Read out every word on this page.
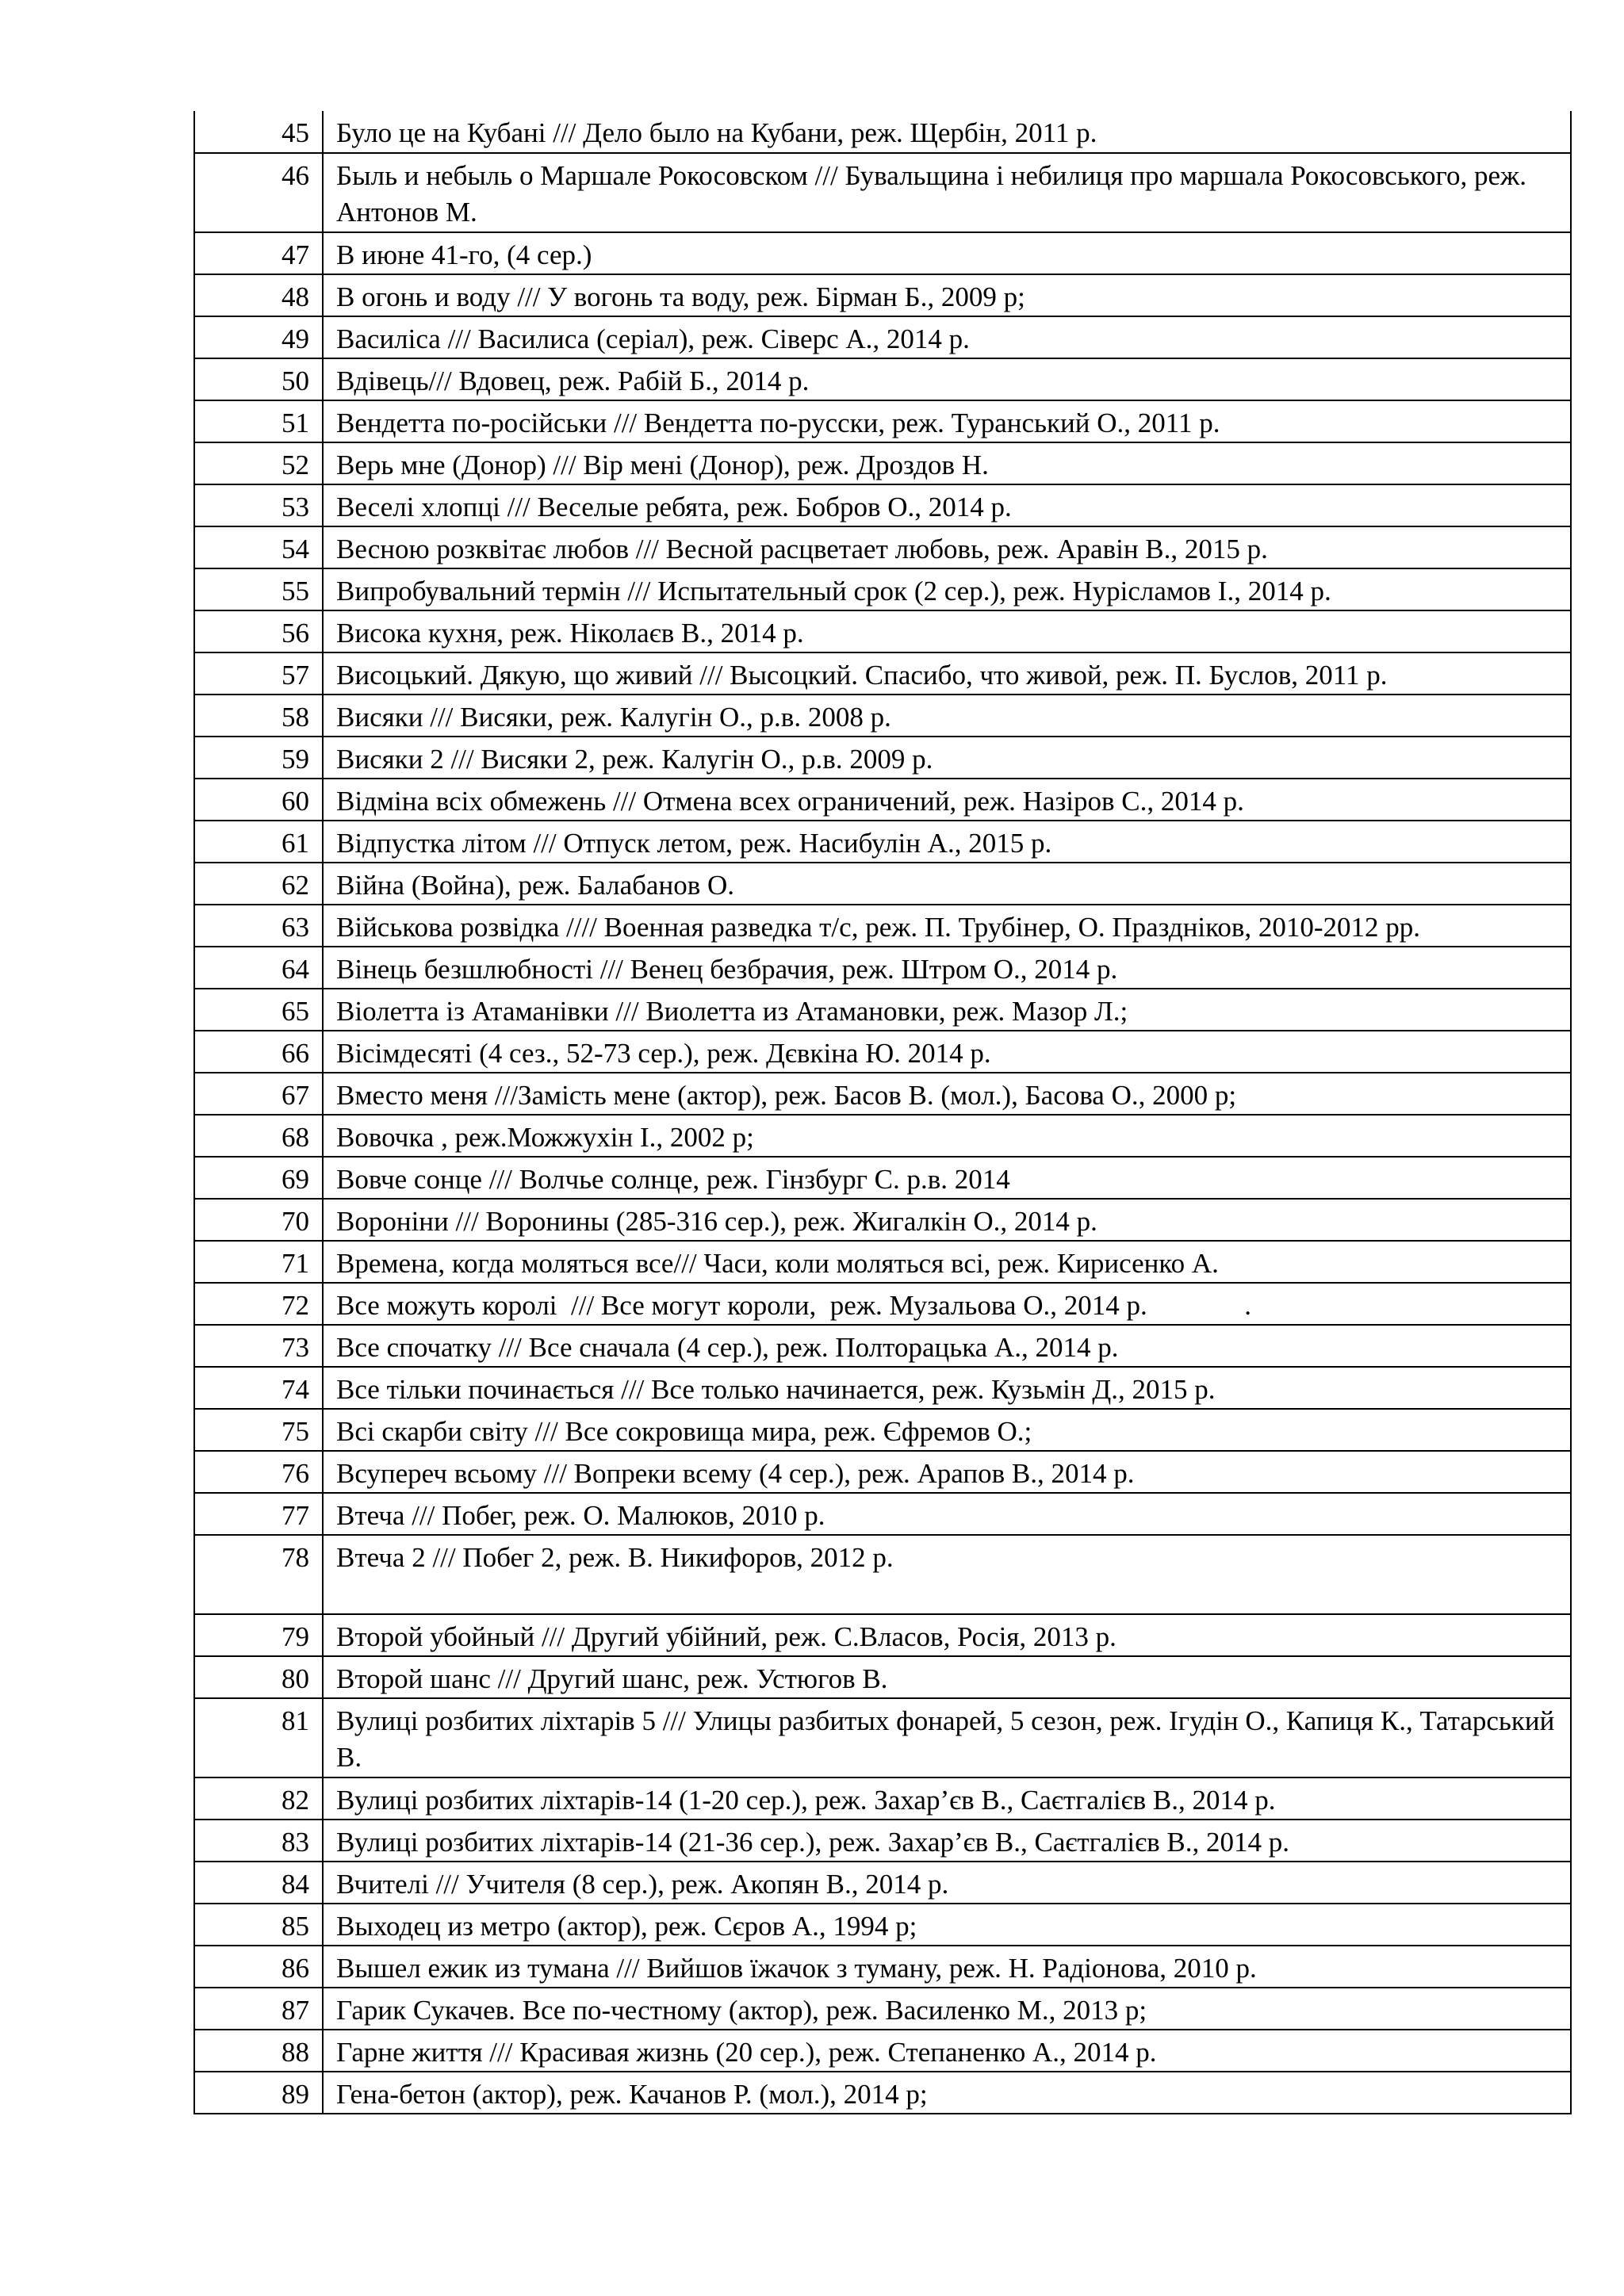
45	Було це на Кубані /// Дело было на Кубани, реж. Щербін, 2011 р.
46	Быль и небыль о Маршале Рокосовском /// Бувальщина і небилиця про маршала Рокосовського, реж. Антонов М.
47	В июне 41-го, (4 сер.)
48	В огонь и воду /// У вогонь та воду, реж. Бірман Б., 2009 р;
49	Василіса /// Василиса (серіал), реж. Сіверс А., 2014 р.
50	Вдівець/// Вдовец, реж. Рабій Б., 2014 р.
51	Вендетта по-російськи /// Вендетта по-русски, реж. Туранський О., 2011 р.
52	Верь мне (Донор) /// Вір мені (Донор), реж. Дроздов Н.
53	Веселі хлопці /// Веселые ребята, реж. Бобров О., 2014 р.
54	Весною розквітає любов /// Весной расцветает любовь, реж. Аравін В., 2015 р.
55	Випробувальний термін /// Испытательный срок (2 сер.), реж. Нурісламов І., 2014 р.
56	Висока кухня, реж. Ніколаєв В., 2014 р.
57	Висоцький. Дякую, що живий /// Высоцкий. Спасибо, что живой, реж. П. Буслов, 2011 р.
58	Висяки /// Висяки, реж. Калугін О., р.в. 2008 р.
59	Висяки 2 /// Висяки 2, реж. Калугін О., р.в. 2009 р.
60	Відміна всіх обмежень /// Отмена всех ограничений, реж. Назіров С., 2014 р.
61	Відпустка літом /// Отпуск летом, реж. Насибулін А., 2015 р.
62	Війна (Война), реж. Балабанов О.
63	Військова розвідка //// Военная разведка т/с, реж. П. Трубінер, О. Праздніков, 2010-2012 рр.
64	Вінець безшлюбності /// Венец безбрачия, реж. Штром О., 2014 р.
65	Віолетта із Атаманівки /// Виолетта из Атамановки, реж. Мазор Л.;
66	Вісімдесяті (4 сез., 52-73 сер.), реж. Дєвкіна Ю. 2014 р.
67	Вместо меня ///Замість мене (актор), реж. Басов В. (мол.), Басова О., 2000 р;
68	Вовочка , реж.Можжухін І., 2002 р;
69	Вовче сонце /// Волчье солнце, реж. Гінзбург С. р.в. 2014
70	Вороніни /// Воронины (285-316 сер.), реж. Жигалкін О., 2014 р.
71	Времена, когда моляться все/// Часи, коли моляться всі, реж. Кирисенко А.
72	Все можуть королі  /// Все могут короли,  реж. Музальова О., 2014 р.              .
73	Все спочатку /// Все сначала (4 сер.), реж. Полторацька А., 2014 р.
74	Все тільки починається /// Все только начинается, реж. Кузьмін Д., 2015 р.
75	Всі скарби світу /// Все сокровища мира, реж. Єфремов О.;
76	Всупереч всьому /// Вопреки всему (4 сер.), реж. Арапов В., 2014 р.
77	Втеча /// Побег, реж. О. Малюков, 2010 р.
78	Втеча 2 /// Побег 2, реж. В. Никифоров, 2012 р.
79	Второй убойный /// Другий убійний, реж. С.Власов, Росія, 2013 р.
80	Второй шанс /// Другий шанс, реж. Устюгов В.
81	Вулиці розбитих ліхтарів 5 /// Улицы разбитых фонарей, 5 сезон, реж. Ігудін О., Капиця К., Татарський В.
82	Вулиці розбитих ліхтарів-14 (1-20 сер.), реж. Захар’єв В., Саєтгалієв В., 2014 р.
83	Вулиці розбитих ліхтарів-14 (21-36 сер.), реж. Захар’єв В., Саєтгалієв В., 2014 р.
84	Вчителі /// Учителя (8 сер.), реж. Акопян В., 2014 р.
85	Выходец из метро (актор), реж. Сєров А., 1994 р;
86	Вышел ежик из тумана /// Вийшов їжачок з туману, реж. Н. Радіонова, 2010 р.
87	Гарик Сукачев. Все по-честному (актор), реж. Василенко М., 2013 р;
88	Гарне життя /// Красивая жизнь (20 сер.), реж. Степаненко А., 2014 р.
89	Гена-бетон (актор), реж. Качанов Р. (мол.), 2014 р;
